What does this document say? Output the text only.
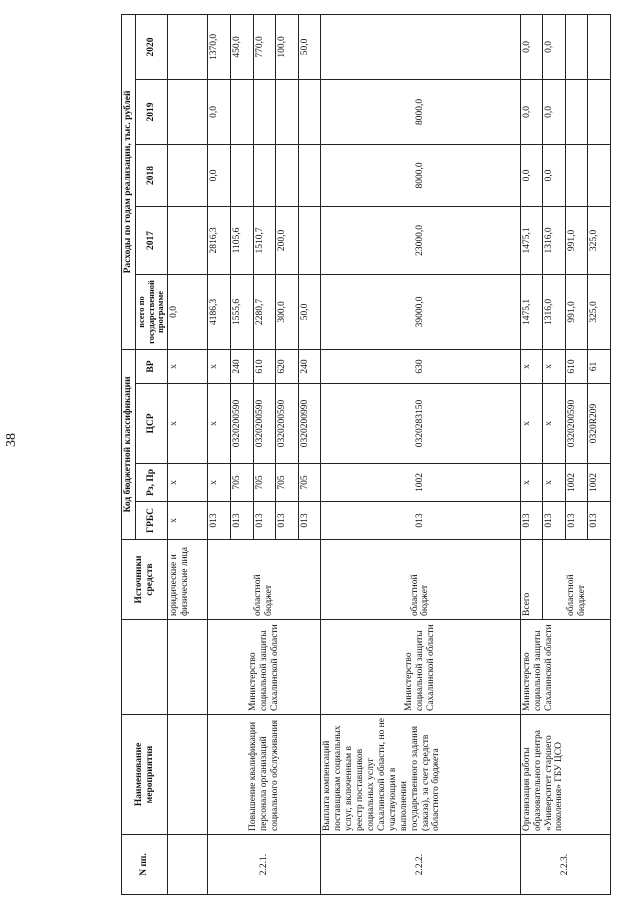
38
N пп.	Наименование мероприятия		Источники средств	Код бюджетной классификации				Расходы по годам реализации, тыс. рублей				
				ГРБС	Рз, Пр	ЦСР	ВР	всего по государственной программе	2017	2018	2019	2020
			юридические и физические лица	x	x	x	x	0,0				
2.2.1.	Повышение квалификации персонала организаций социального обслуживания	Министерство социальной защиты Сахалинской области	областной бюджет	013	x	x	x	4186,3	2816,3	0,0	0,0	1370,0
				013	705	0320200590	240	1555,6	1105,6			450,0
				013	705	0320200590	610	2280,7	1510,7			770,0
				013	705	0320200590	620	300,0	200,0			100,0
				013	705	0320200990	240	50,0				50,0
2.2.2.	Выплата компенсаций поставщикам социальных услуг, включенным в реестр поставщиков социальных услуг Сахалинской области, но не участвующим в выполнении государственного задания (заказа), за счет средств областного бюджета	Министерство социальной защиты Сахалинской области	областной бюджет	013	1002	0320283150	630	39000,0	23000,0	8000,0	8000,0	
2.2.3.	Организация работы образовательного центра «Университет старшего поколения» ГБУ ЦСО	Министерство социальной защиты Сахалинской области	Всего	013	x	x	x	1475,1	1475,1	0,0	0,0	0,0
			областной бюджет	013	x	x	x	1316,0	1316,0	0,0	0,0	0,0
				013	1002	0320200590	610	991,0	991,0			
				013	1002	0320R209	61	325,0	325,0			
